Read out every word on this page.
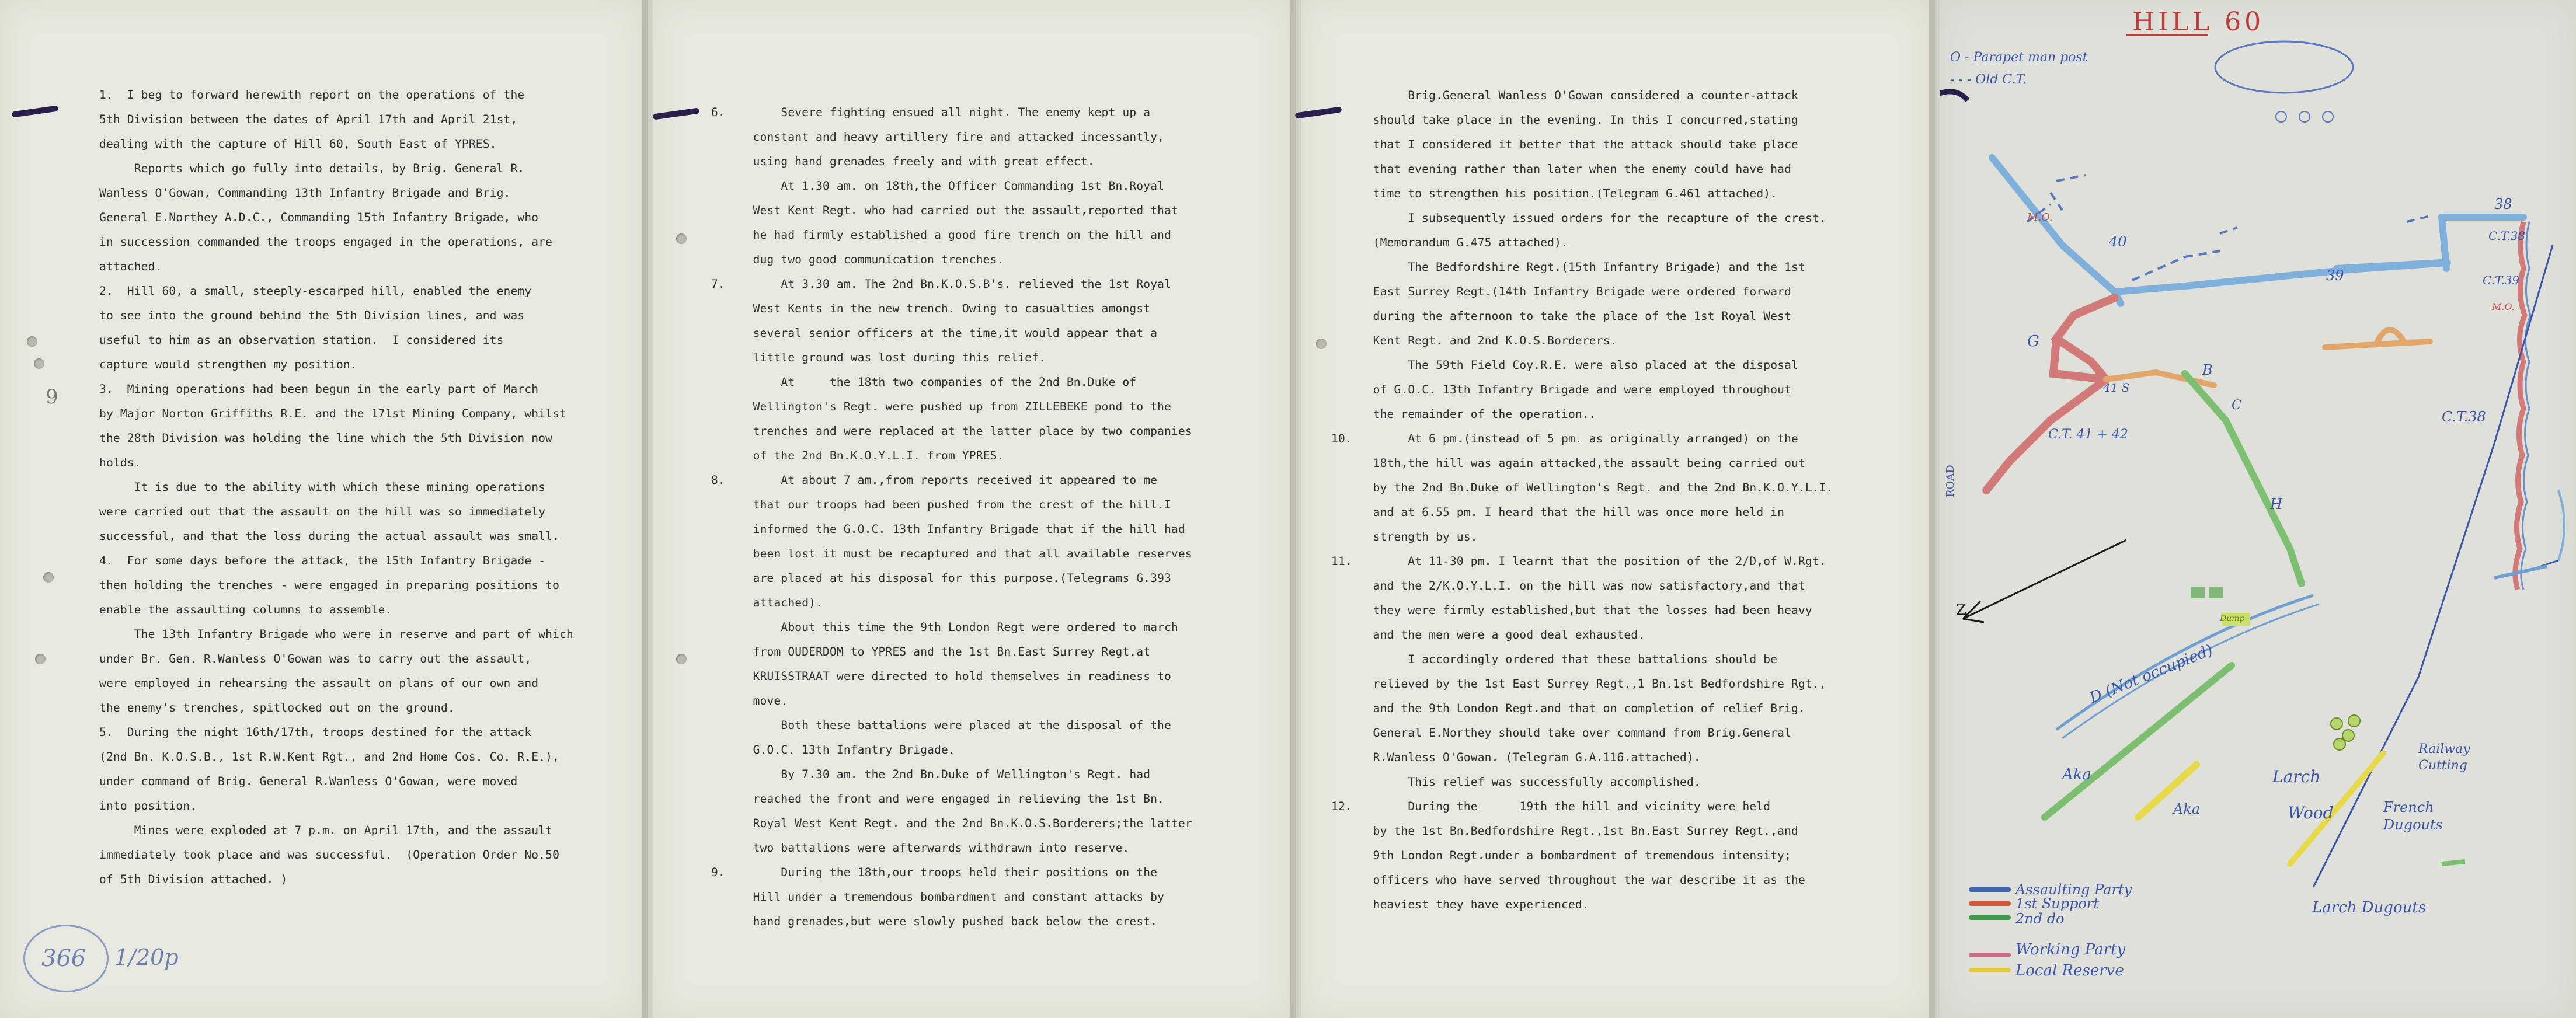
9
1.  I beg to forward herewith report on the operations of the
5th Division between the dates of April 17th and April 21st,
dealing with the capture of Hill 60, South East of YPRES.
Reports which go fully into details, by Brig. General R.
Wanless O'Gowan, Commanding 13th Infantry Brigade and Brig.
General E.Northey A.D.C., Commanding 15th Infantry Brigade, who
in succession commanded the troops engaged in the operations, are
attached.
2.  Hill 60, a small, steeply-escarped hill, enabled the enemy
to see into the ground behind the 5th Division lines, and was
useful to him as an observation station.  I considered its
capture would strengthen my position.
3.  Mining operations had been begun in the early part of March
by Major Norton Griffiths R.E. and the 171st Mining Company, whilst
the 28th Division was holding the line which the 5th Division now
holds.
It is due to the ability with which these mining operations
were carried out that the assault on the hill was so immediately
successful, and that the loss during the actual assault was small.
4.  For some days before the attack, the 15th Infantry Brigade -
then holding the trenches - were engaged in preparing positions to
enable the assaulting columns to assemble.
The 13th Infantry Brigade who were in reserve and part of which
under Br. Gen. R.Wanless O'Gowan was to carry out the assault,
were employed in rehearsing the assault on plans of our own and
the enemy's trenches, spitlocked out on the ground.
5.  During the night 16th/17th, troops destined for the attack
(2nd Bn. K.O.S.B., 1st R.W.Kent Rgt., and 2nd Home Cos. Co. R.E.),
under command of Brig. General R.Wanless O'Gowan, were moved
into position.
Mines were exploded at 7 p.m. on April 17th, and the assault
immediately took place and was successful.  (Operation Order No.50
of 5th Division attached. )
366	1/20p
6.        Severe fighting ensued all night. The enemy kept up a
constant and heavy artillery fire and attacked incessantly,
using hand grenades freely and with great effect.
At 1.30 am. on 18th,the Officer Commanding 1st Bn.Royal
West Kent Regt. who had carried out the assault,reported that
he had firmly established a good fire trench on the hill and
dug two good communication trenches.
7.        At 3.30 am. The 2nd Bn.K.O.S.B's. relieved the 1st Royal
West Kents in the new trench. Owing to casualties amongst
several senior officers at the time,it would appear that a
little ground was lost during this relief.
At     the 18th two companies of the 2nd Bn.Duke of
Wellington's Regt. were pushed up from ZILLEBEKE pond to the
trenches and were replaced at the latter place by two companies
of the 2nd Bn.K.O.Y.L.I. from YPRES.
8.        At about 7 am.,from reports received it appeared to me
that our troops had been pushed from the crest of the hill.I
informed the G.O.C. 13th Infantry Brigade that if the hill had
been lost it must be recaptured and that all available reserves
are placed at his disposal for this purpose.(Telegrams G.393
attached).
About this time the 9th London Regt were ordered to march
from OUDERDOM to YPRES and the 1st Bn.East Surrey Regt.at
KRUISSTRAAT were directed to hold themselves in readiness to
move.
Both these battalions were placed at the disposal of the
G.O.C. 13th Infantry Brigade.
By 7.30 am. the 2nd Bn.Duke of Wellington's Regt. had
reached the front and were engaged in relieving the 1st Bn.
Royal West Kent Regt. and the 2nd Bn.K.O.S.Borderers;the latter
two battalions were afterwards withdrawn into reserve.
9.        During the 18th,our troops held their positions on the
Hill under a tremendous bombardment and constant attacks by
hand grenades,but were slowly pushed back below the crest.
Brig.General Wanless O'Gowan considered a counter-attack
should take place in the evening. In this I concurred,stating
that I considered it better that the attack should take place
that evening rather than later when the enemy could have had
time to strengthen his position.(Telegram G.461 attached).
I subsequently issued orders for the recapture of the crest.
(Memorandum G.475 attached).
The Bedfordshire Regt.(15th Infantry Brigade) and the 1st
East Surrey Regt.(14th Infantry Brigade were ordered forward
during the afternoon to take the place of the 1st Royal West
Kent Regt. and 2nd K.O.S.Borderers.
The 59th Field Coy.R.E. were also placed at the disposal
of G.O.C. 13th Infantry Brigade and were employed throughout
the remainder of the operation..
10.        At 6 pm.(instead of 5 pm. as originally arranged) on the
18th,the hill was again attacked,the assault being carried out
by the 2nd Bn.Duke of Wellington's Regt. and the 2nd Bn.K.O.Y.L.I.
and at 6.55 pm. I heard that the hill was once more held in
strength by us.
11.        At 11-30 pm. I learnt that the position of the 2/D,of W.Rgt.
and the 2/K.O.Y.L.I. on the hill was now satisfactory,and that
they were firmly established,but that the losses had been heavy
and the men were a good deal exhausted.
I accordingly ordered that these battalions should be
relieved by the 1st East Surrey Regt.,1 Bn.1st Bedfordshire Rgt.,
and the 9th London Regt.and that on completion of relief Brig.
General E.Northey should take over command from Brig.General
R.Wanless O'Gowan. (Telegram G.A.116.attached).
This relief was successfully accomplished.
12.        During the      19th the hill and vicinity were held
by the 1st Bn.Bedfordshire Regt.,1st Bn.East Surrey Regt.,and
9th London Regt.under a bombardment of tremendous intensity;
officers who have served throughout the war describe it as the
heaviest they have experienced.
HILL 60
O - Parapet man post
- - - Old C.T.
40
39
38
C.T.38
C.T.39
M.O.
M.O.
G
B
C
H
41 S
C.T. 41 + 42
C.T.38
ROAD
Z
D (Not occupied)
Aka
Aka
Larch
Wood
Railway Cutting
French Dugouts
Larch Dugouts
Dump
Assaulting Party
1st Support
2nd do
Working Party
Local Reserve
